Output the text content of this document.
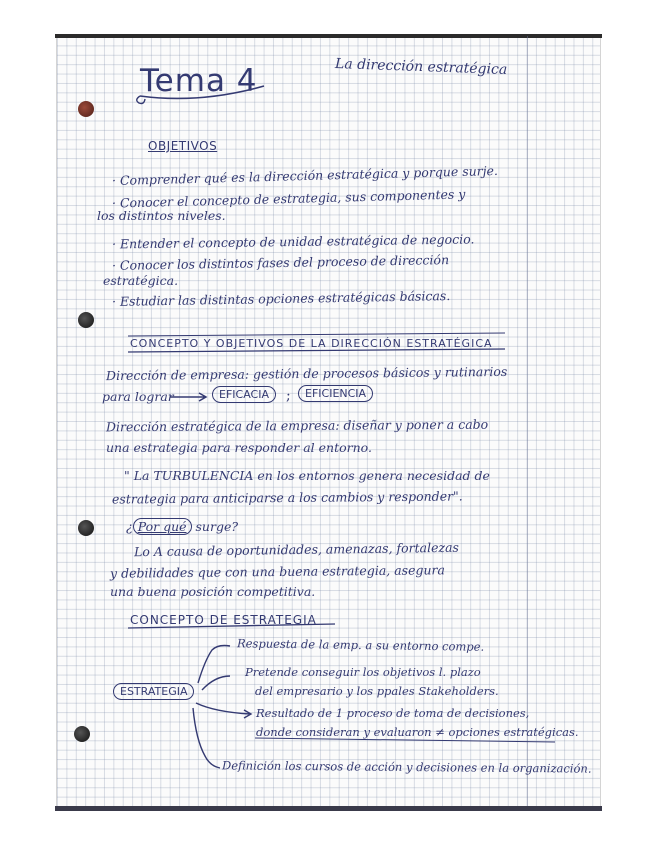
Tema 4	La dirección estratégica
OBJETIVOS
· Comprender qué es la dirección estratégica y porque surje.
· Conocer el concepto de estrategia, sus componentes y
los distintos niveles.
· Entender el concepto de unidad estratégica de negocio.
· Conocer los distintos fases del proceso de dirección
estratégica.
· Estudiar las distintas opciones estratégicas básicas.
CONCEPTO Y OBJETIVOS DE LA DIRECCIÓN ESTRATÉGICA
Dirección de empresa: gestión de procesos básicos y rutinarios
para lograr	EFICACIA	;	EFICIENCIA
Dirección estratégica de la empresa: diseñar y poner a cabo
una estrategia para responder al entorno.
" La TURBULENCIA en los entornos genera necesidad de
estrategia para anticiparse a los cambios y responder".
¿ Por qué surge?
Lo A causa de oportunidades, amenazas, fortalezas
y debilidades que con una buena estrategia, asegura
una buena posición competitiva.
CONCEPTO DE ESTRATEGIA
ESTRATEGIA
Respuesta de la emp. a su entorno compe.
Pretende conseguir los objetivos l. plazo
del empresario y los ppales Stakeholders.
Resultado de 1 proceso de toma de decisiones,
donde consideran y evaluaron ≠ opciones estratégicas.
Definición los cursos de acción y decisiones en la organización.
